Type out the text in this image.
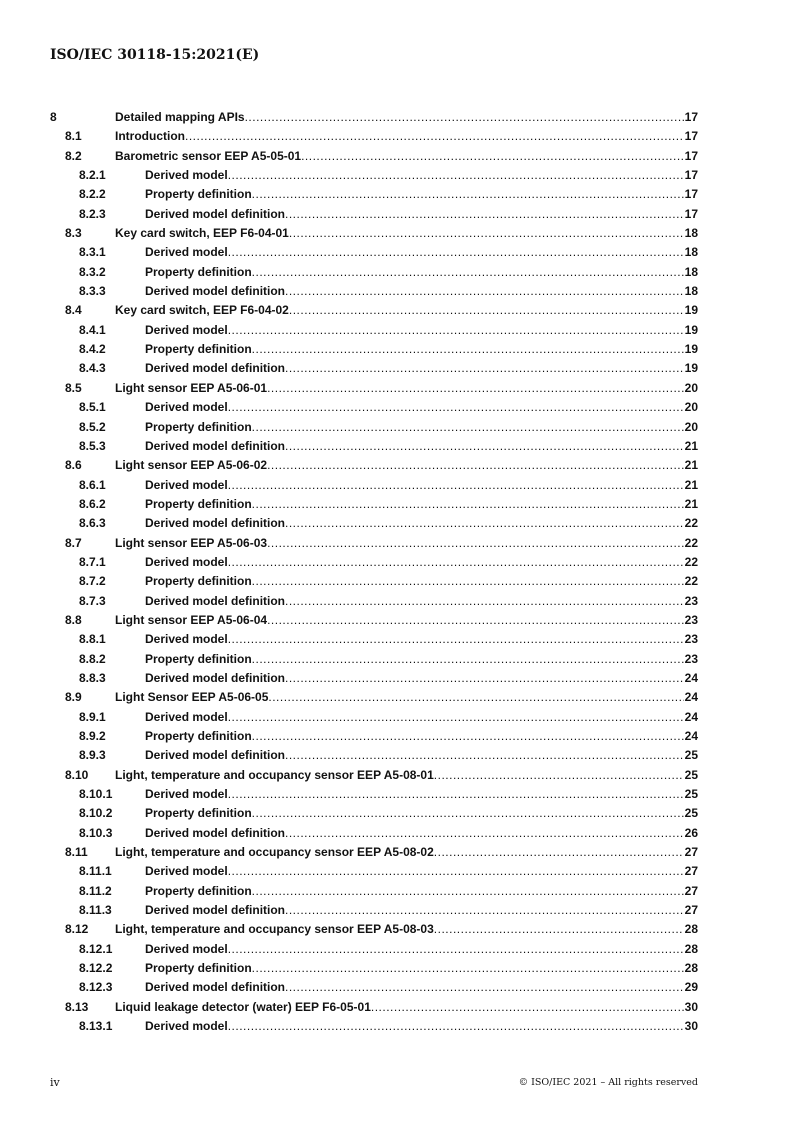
ISO/IEC 30118-15:2021(E)
8	Detailed mapping APIs .....	17
8.1	Introduction .....	17
8.2	Barometric sensor EEP A5-05-01 .....	17
8.2.1	Derived model .....	17
8.2.2	Property definition .....	17
8.2.3	Derived model definition .....	17
8.3	Key card switch, EEP F6-04-01 .....	18
8.3.1	Derived model .....	18
8.3.2	Property definition .....	18
8.3.3	Derived model definition .....	18
8.4	Key card switch, EEP F6-04-02 .....	19
8.4.1	Derived model .....	19
8.4.2	Property definition .....	19
8.4.3	Derived model definition .....	19
8.5	Light sensor EEP A5-06-01 .....	20
8.5.1	Derived model .....	20
8.5.2	Property definition .....	20
8.5.3	Derived model definition .....	21
8.6	Light sensor EEP A5-06-02 .....	21
8.6.1	Derived model .....	21
8.6.2	Property definition .....	21
8.6.3	Derived model definition .....	22
8.7	Light sensor EEP A5-06-03 .....	22
8.7.1	Derived model .....	22
8.7.2	Property definition .....	22
8.7.3	Derived model definition .....	23
8.8	Light sensor EEP A5-06-04 .....	23
8.8.1	Derived model .....	23
8.8.2	Property definition .....	23
8.8.3	Derived model definition .....	24
8.9	Light Sensor EEP A5-06-05 .....	24
8.9.1	Derived model .....	24
8.9.2	Property definition .....	24
8.9.3	Derived model definition .....	25
8.10	Light, temperature and occupancy sensor EEP A5-08-01 .....	25
8.10.1	Derived model .....	25
8.10.2	Property definition .....	25
8.10.3	Derived model definition .....	26
8.11	Light, temperature and occupancy sensor EEP A5-08-02 .....	27
8.11.1	Derived model .....	27
8.11.2	Property definition .....	27
8.11.3	Derived model definition .....	27
8.12	Light, temperature and occupancy sensor EEP A5-08-03 .....	28
8.12.1	Derived model .....	28
8.12.2	Property definition .....	28
8.12.3	Derived model definition .....	29
8.13	Liquid leakage detector (water) EEP F6-05-01 .....	30
8.13.1	Derived model .....	30
iv	© ISO/IEC 2021 – All rights reserved
